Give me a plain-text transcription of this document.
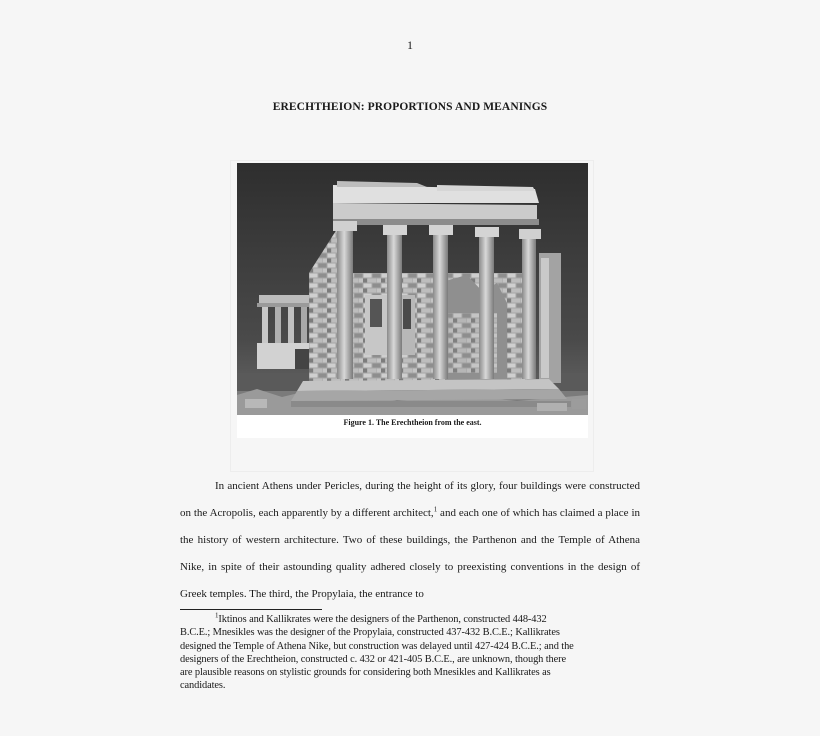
1
ERECHTHEION: PROPORTIONS AND MEANINGS
Figure 1. The Erechtheion from the east.

In ancient Athens under Pericles, during the height of its glory, four buildings were constructed on the Acropolis, each apparently by a different architect,$^1$ and each one of which has claimed a place in the history of western architecture. Two of these buildings, the Parthenon and the Temple of Athena Nike, in spite of their astounding quality adhered closely to preexisting conventions in the design of Greek temples. The third, the Propylaia, the entrance to

$^1$Iktinos and Kallikrates were the designers of the Parthenon, constructed 448-432
B.C.E.; Mnesikles was the designer of the Propylaia, constructed 437-432 B.C.E.; Kallikrates
designed the Temple of Athena Nike, but construction was delayed until 427-424 B.C.E.; and the
designers of the Erechtheion, constructed c. 432 or 421-405 B.C.E., are unknown, though there
are plausible reasons on stylistic grounds for considering both Mnesikles and Kallikrates as
candidates.
